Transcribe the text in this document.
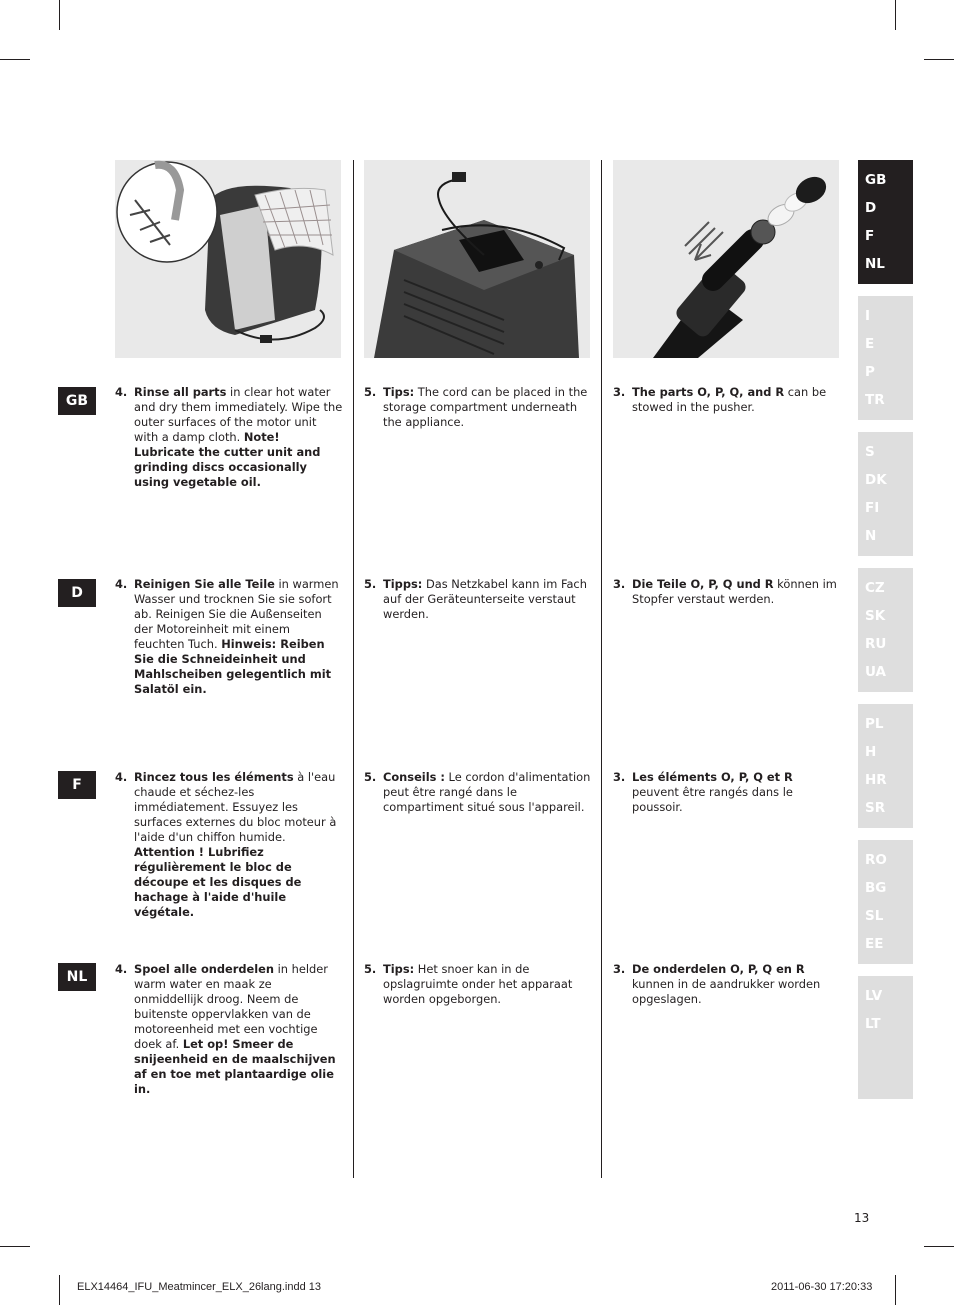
GB
D
F
NL
4. Rinse all parts in clear hot water and dry them immediately. Wipe the outer surfaces of the motor unit with a damp cloth. Note! Lubricate the cutter unit and grinding discs occasionally using vegetable oil.
5. Tips: The cord can be placed in the storage compartment underneath the appliance.
3. The parts O, P, Q, and R can be stowed in the pusher.
4. Reinigen Sie alle Teile in warmen Wasser und trocknen Sie sie sofort ab. Reinigen Sie die Außenseiten der Motoreinheit mit einem feuchten Tuch. Hinweis: Reiben Sie die Schneideinheit und Mahlscheiben gelegentlich mit Salatöl ein.
5. Tipps: Das Netzkabel kann im Fach auf der Geräteunterseite verstaut werden.
3. Die Teile O, P, Q und R können im Stopfer verstaut werden.
4. Rincez tous les éléments à l'eau chaude et séchez-les immédiatement. Essuyez les surfaces externes du bloc moteur à l'aide d'un chiffon humide. Attention ! Lubrifiez régulièrement le bloc de découpe et les disques de hachage à l'aide d'huile végétale.
5. Conseils : Le cordon d'alimentation peut être rangé dans le compartiment situé sous l'appareil.
3. Les éléments O, P, Q et R peuvent être rangés dans le poussoir.
4. Spoel alle onderdelen in helder warm water en maak ze onmiddellijk droog. Neem de buitenste oppervlakken van de motoreenheid met een vochtige doek af. Let op! Smeer de snijeenheid en de maalschijven af en toe met plantaardige olie in.
5. Tips: Het snoer kan in de opslagruimte onder het apparaat worden opgeborgen.
3. De onderdelen O, P, Q en R kunnen in de aandrukker worden opgeslagen.
GB
D
F
NL
I
E
P
TR
S
DK
FI
N
CZ
SK
RU
UA
PL
H
HR
SR
RO
BG
SL
EE
LV
LT
13
ELX14464_IFU_Meatmincer_ELX_26lang.indd 13	2011-06-30 17:20:33
